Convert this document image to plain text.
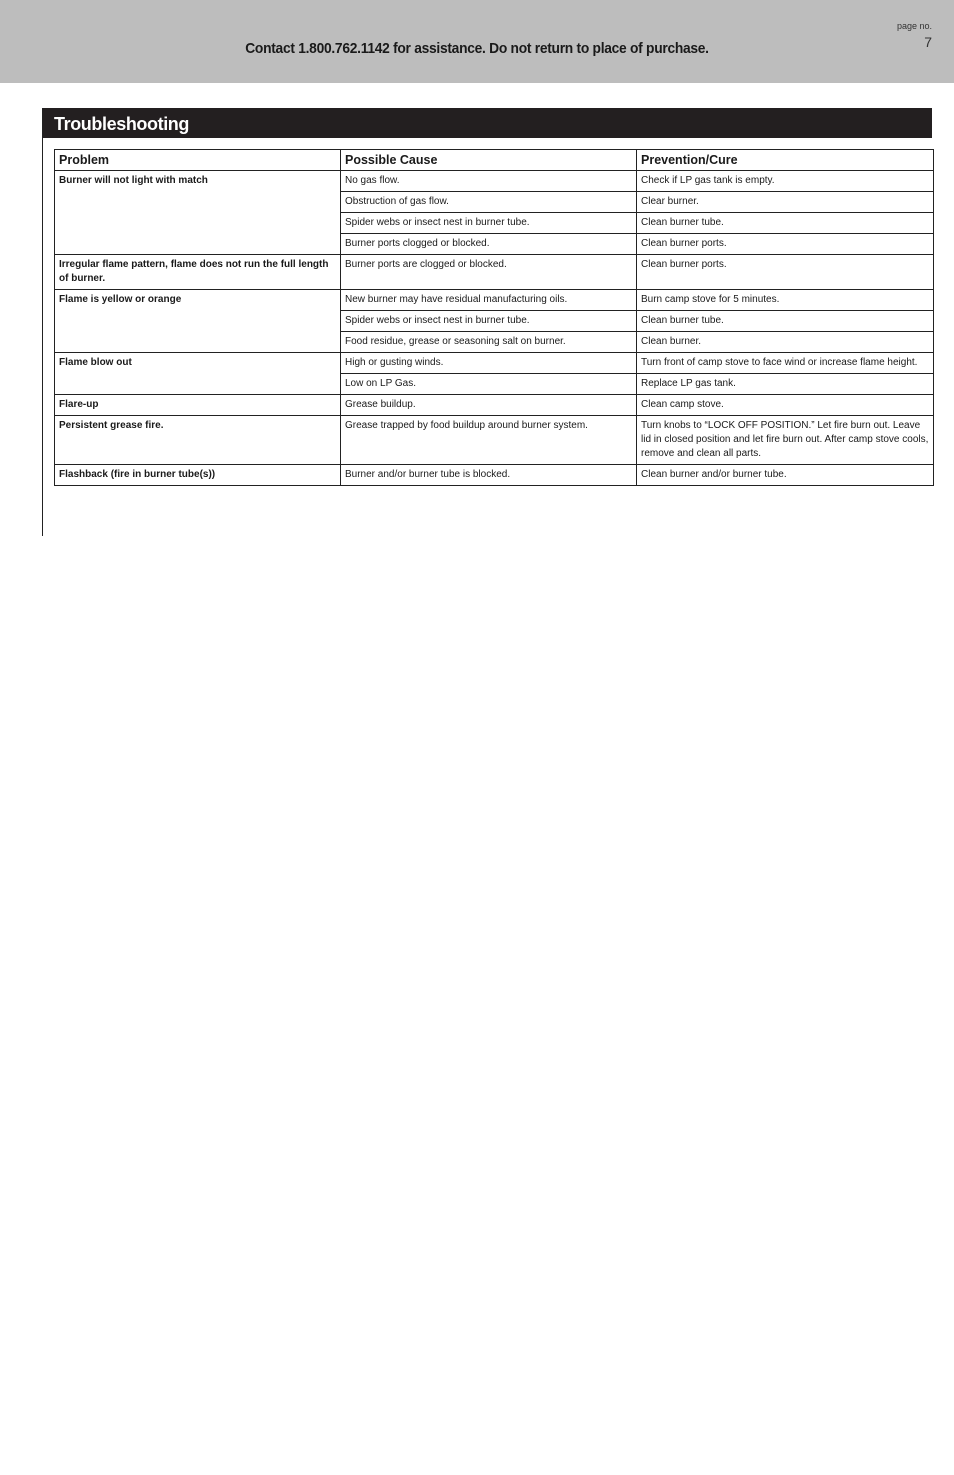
Contact 1.800.762.1142 for assistance. Do not return to place of purchase.
page no.
7
Troubleshooting
Problem	Possible Cause	Prevention/Cure
Burner will not light with match	No gas flow.	Check if LP gas tank is empty.
	Obstruction of gas flow.	Clear burner.
	Spider webs or insect nest in burner tube.	Clean burner tube.
	Burner ports clogged or blocked.	Clean burner ports.
Irregular flame pattern, flame does not run the full length of burner.	Burner ports are clogged or blocked.	Clean burner ports.
Flame is yellow or orange	New burner may have residual manufacturing oils.	Burn camp stove for 5 minutes.
	Spider webs or insect nest in burner tube.	Clean burner tube.
	Food residue, grease or seasoning salt on burner.	Clean burner.
Flame blow out	High or gusting winds.	Turn front of camp stove to face wind or increase flame height.
	Low on LP Gas.	Replace LP gas tank.
Flare-up	Grease buildup.	Clean camp stove.
Persistent grease fire.	Grease trapped by food buildup around burner system.	Turn knobs to “LOCK OFF POSITION.” Let fire burn out. Leave lid in closed position and let fire burn out. After camp stove cools, remove and clean all parts.
Flashback (fire in burner tube(s))	Burner and/or burner tube is blocked.	Clean burner and/or burner tube.
